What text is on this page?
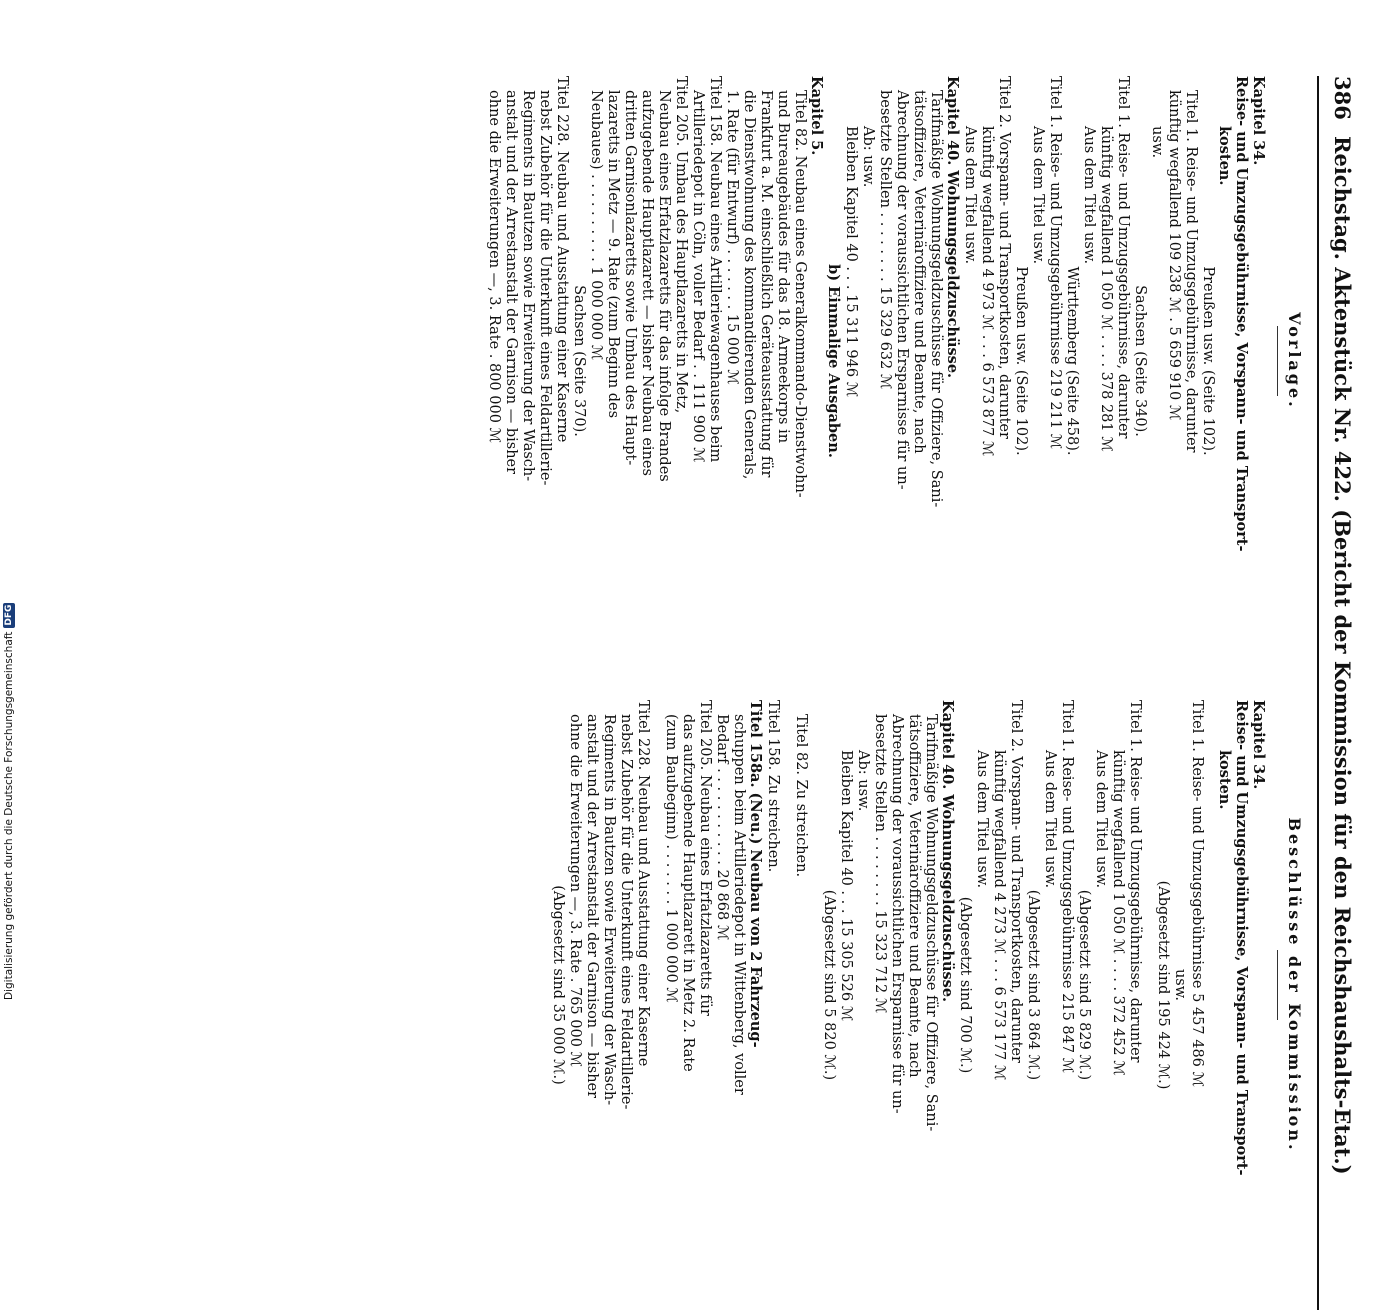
386
Reichstag. Aktenstück Nr. 422. (Bericht der Kommission für den Reichshaushalts-Etat.)

Vorlage.

Kapitel 34.

Reise- und Umzugsgebührnisse, Vorspann- und Transport-

kosten.

Preußen usw. (Seite 102).

Titel 1. Reise- und Umzugsgebührnisse, darunter

künftig wegfallend 109 238 ℳ . 5 659 910 ℳ

usw.

Sachsen (Seite 340).

Titel 1. Reise- und Umzugsgebührnisse, darunter

künftig wegfallend 1 050 ℳ . . . . 378 281 ℳ

Aus dem Titel usw.

Württemberg (Seite 458).

Titel 1. Reise- und Umzugsgebührnisse 219 211 ℳ

Aus dem Titel usw.

Preußen usw. (Seite 102).

Titel 2. Vorspann- und Transportkosten, darunter

künftig wegfallend 4 973 ℳ . . . 6 573 877 ℳ

Aus dem Titel usw.

Kapitel 40. Wohnungsgeldzuschüsse.

Tarifmäßige Wohnungsgeldzuschüsse für Offiziere, Sani-

tätsoffiziere, Veterinäroffiziere und Beamte, nach

Abrechnung der voraussichtlichen Ersparnisse für un-

besetzte Stellen . . . . . . . . 15 329 632 ℳ

Ab: usw.

Bleiben Kapitel 40 . . . 15 311 946 ℳ

b) Einmalige Ausgaben.

Kapitel 5.

Titel 82. Neubau eines Generalkommando-Dienstwohn-

und Bureaugebäudes für das 18. Armeekorps in

Frankfurt a. M. einschließlich Geräteausstattung für

die Dienstwohnung des kommandierenden Generals,

1. Rate (für Entwurf) . . . . . . . 15 000 ℳ

Titel 158. Neubau eines Artilleriewagenhauses beim

Artilleriedepot in Cöln, voller Bedarf . . 111 900 ℳ

Titel 205. Umbau des Hauptlazaretts in Metz,

Neubau eines Erfatzlazaretts für das infolge Brandes

aufzugebende Hauptlazarett — bisher Neubau eines

dritten Garnisonlazaretts sowie Umbau des Haupt-

lazaretts in Metz — 9. Rate (zum Beginn des

Neubaues) . . . . . . . . . . 1 000 000 ℳ

Sachsen (Seite 370).

Titel 228. Neubau und Ausstattung einer Kaserne

nebst Zubehör für die Unterkunft eines Feldartillerie-

Regiments in Bautzen sowie Erweiterung der Wasch-

anstalt und der Arrestanstalt der Garnison — bisher

ohne die Erweiterungen —, 3. Rate . 800 000 ℳ

Beschlüsse der Kommission.

Kapitel 34.

Reise- und Umzugsgebührnisse, Vorspann- und Transport-

kosten.

Titel 1. Reise- und Umzugsgebührnisse 5 457 486 ℳ

usw.

(Abgesetzt sind 195 424 ℳ.)

Titel 1. Reise- und Umzugsgebührnisse, darunter

künftig wegfallend 1 050 ℳ . . . . 372 452 ℳ

Aus dem Titel usw.

(Abgesetzt sind 5 829 ℳ.)

Titel 1. Reise- und Umzugsgebührnisse 215 847 ℳ

Aus dem Titel usw.

(Abgesetzt sind 3 864 ℳ.)

Titel 2. Vorspann- und Transportkosten, darunter

künftig wegfallend 4 273 ℳ . . . 6 573 177 ℳ

Aus dem Titel usw.

(Abgesetzt sind 700 ℳ.)

Kapitel 40. Wohnungsgeldzuschüsse.

Tarifmäßige Wohnungsgeldzuschüsse für Offiziere, Sani-

tätsoffiziere, Veterinäroffiziere und Beamte, nach

Abrechnung der voraussichtlichen Ersparnisse für un-

besetzte Stellen . . . . . . . . 15 323 712 ℳ

Ab: usw.

Bleiben Kapitel 40 . . . 15 305 526 ℳ

(Abgesetzt sind 5 820 ℳ.)

Titel 82. Zu streichen.

Titel 158. Zu streichen.

Titel 158a. (Neu.) Neubau von 2 Fahrzeug-

schuppen beim Artilleriedepot in Wittenberg, voller

Bedarf . . . . . . . . . . . 20 868 ℳ

Titel 205. Neubau eines Erfatzlazaretts für

das aufzugebende Hauptlazarett in Metz 2. Rate

(zum Baubeginn) . . . . . . . 1 000 000 ℳ

Titel 228. Neubau und Ausstattung einer Kaserne

nebst Zubehör für die Unterkunft eines Feldartillerie-

Regiments in Bautzen sowie Erweiterung der Wasch-

anstalt und der Arrestanstalt der Garnison — bisher

ohne die Erweiterungen —, 3. Rate . 765 000 ℳ

(Abgesetzt sind 35 000 ℳ.)

Digitalisierung gefördert durch die Deutsche Forschungsgemeinschaft
DFG
